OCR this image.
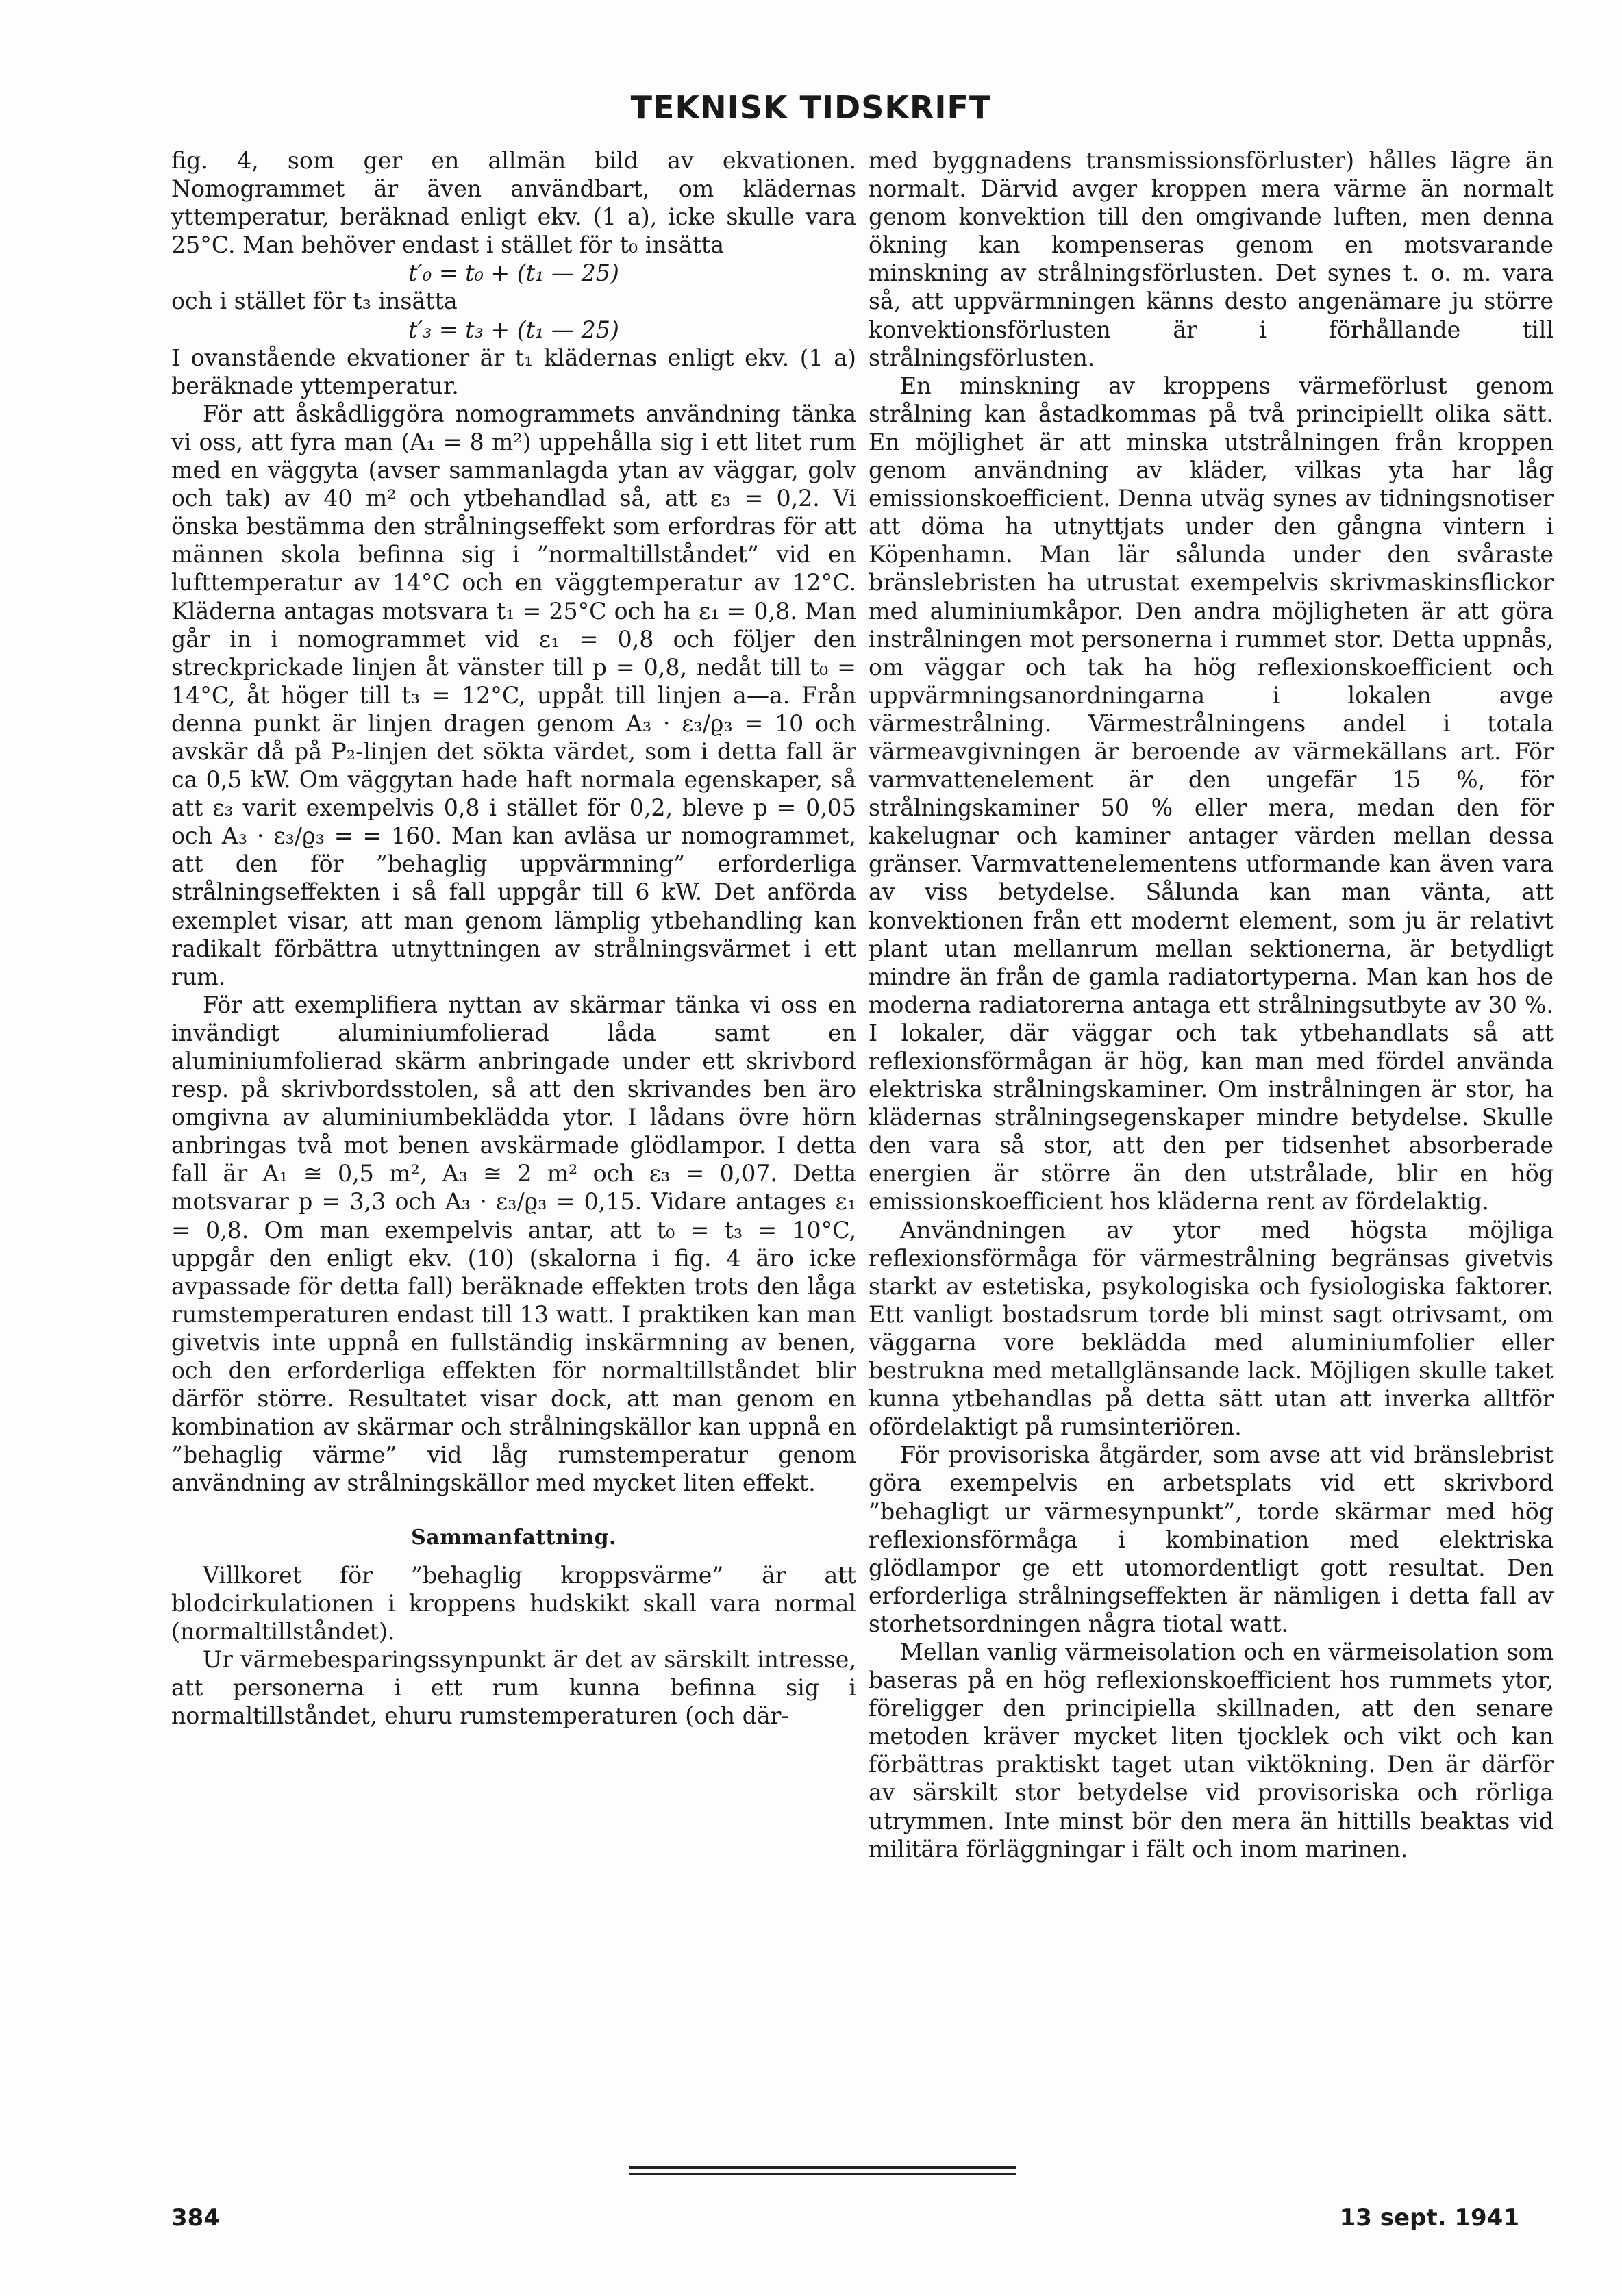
TEKNISK TIDSKRIFT

fig. 4, som ger en allmän bild av ekvationen. Nomogrammet är även användbart, om klädernas yttemperatur, beräknad enligt ekv. (1 a), icke skulle vara 25°C. Man behöver endast i stället för t₀ insätta

t′₀ = t₀ + (t₁ — 25)

och i stället för t₃ insätta

t′₃ = t₃ + (t₁ — 25)

I ovanstående ekvationer är t₁ klädernas enligt ekv. (1 a) beräknade yttemperatur.

För att åskådliggöra nomogrammets användning tänka vi oss, att fyra man (A₁ = 8 m²) uppehålla sig i ett litet rum med en väggyta (avser sammanlagda ytan av väggar, golv och tak) av 40 m² och ytbehandlad så, att ε₃ = 0,2. Vi önska bestämma den strålningseffekt som erfordras för att männen skola befinna sig i ”normaltillståndet” vid en lufttemperatur av 14°C och en väggtemperatur av 12°C. Kläderna antagas motsvara t₁ = 25°C och ha ε₁ = 0,8. Man går in i nomogrammet vid ε₁ = 0,8 och följer den streckprickade linjen åt vänster till p = 0,8, nedåt till t₀ = 14°C, åt höger till t₃ = 12°C, uppåt till linjen a—a. Från denna punkt är linjen dragen genom A₃ · ε₃/ϱ₃ = 10 och avskär då på P₂-linjen det sökta värdet, som i detta fall är ca 0,5 kW. Om väggytan hade haft normala egenskaper, så att ε₃ varit exempelvis 0,8 i stället för 0,2, bleve p = 0,05 och A₃ · ε₃/ϱ₃ = = 160. Man kan avläsa ur nomogrammet, att den för ”behaglig uppvärmning” erforderliga strålningseffekten i så fall uppgår till 6 kW. Det anförda exemplet visar, att man genom lämplig ytbehandling kan radikalt förbättra utnyttningen av strålningsvärmet i ett rum.

För att exemplifiera nyttan av skärmar tänka vi oss en invändigt aluminiumfolierad låda samt en aluminiumfolierad skärm anbringade under ett skrivbord resp. på skrivbordsstolen, så att den skrivandes ben äro omgivna av aluminiumbeklädda ytor. I lådans övre hörn anbringas två mot benen avskärmade glödlampor. I detta fall är A₁ ≅ 0,5 m², A₃ ≅ 2 m² och ε₃ = 0,07. Detta motsvarar p = 3,3 och A₃ · ε₃/ϱ₃ = 0,15. Vidare antages ε₁ = 0,8. Om man exempelvis antar, att t₀ = t₃ = 10°C, uppgår den enligt ekv. (10) (skalorna i fig. 4 äro icke avpassade för detta fall) beräknade effekten trots den låga rumstemperaturen endast till 13 watt. I praktiken kan man givetvis inte uppnå en fullständig inskärmning av benen, och den erforderliga effekten för normaltillståndet blir därför större. Resultatet visar dock, att man genom en kombination av skärmar och strålningskällor kan uppnå en ”behaglig värme” vid låg rumstemperatur genom användning av strålningskällor med mycket liten effekt.

Sammanfattning.

Villkoret för ”behaglig kroppsvärme” är att blodcirkulationen i kroppens hudskikt skall vara normal (normaltillståndet).

Ur värmebesparingssynpunkt är det av särskilt intresse, att personerna i ett rum kunna befinna sig i normaltillståndet, ehuru rumstemperaturen (och där-

med byggnadens transmissionsförluster) hålles lägre än normalt. Därvid avger kroppen mera värme än normalt genom konvektion till den omgivande luften, men denna ökning kan kompenseras genom en motsvarande minskning av strålningsförlusten. Det synes t. o. m. vara så, att uppvärmningen känns desto angenämare ju större konvektionsförlusten är i förhållande till strålningsförlusten.

En minskning av kroppens värmeförlust genom strålning kan åstadkommas på två principiellt olika sätt. En möjlighet är att minska utstrålningen från kroppen genom användning av kläder, vilkas yta har låg emissionskoefficient. Denna utväg synes av tidningsnotiser att döma ha utnyttjats under den gångna vintern i Köpenhamn. Man lär sålunda under den svåraste bränslebristen ha utrustat exempelvis skrivmaskinsflickor med aluminiumkåpor. Den andra möjligheten är att göra instrålningen mot personerna i rummet stor. Detta uppnås, om väggar och tak ha hög reflexionskoefficient och uppvärmningsanordningarna i lokalen avge värmestrålning. Värmestrålningens andel i totala värmeavgivningen är beroende av värmekällans art. För varmvattenelement är den ungefär 15 %, för strålningskaminer 50 % eller mera, medan den för kakelugnar och kaminer antager värden mellan dessa gränser. Varmvattenelementens utformande kan även vara av viss betydelse. Sålunda kan man vänta, att konvektionen från ett modernt element, som ju är relativt plant utan mellanrum mellan sektionerna, är betydligt mindre än från de gamla radiatortyperna. Man kan hos de moderna radiatorerna antaga ett strålningsutbyte av 30 %. I lokaler, där väggar och tak ytbehandlats så att reflexionsförmågan är hög, kan man med fördel använda elektriska strålningskaminer. Om instrålningen är stor, ha klädernas strålningsegenskaper mindre betydelse. Skulle den vara så stor, att den per tidsenhet absorberade energien är större än den utstrålade, blir en hög emissionskoefficient hos kläderna rent av fördelaktig.

Användningen av ytor med högsta möjliga reflexionsförmåga för värmestrålning begränsas givetvis starkt av estetiska, psykologiska och fysiologiska faktorer. Ett vanligt bostadsrum torde bli minst sagt otrivsamt, om väggarna vore beklädda med aluminiumfolier eller bestrukna med metallglänsande lack. Möjligen skulle taket kunna ytbehandlas på detta sätt utan att inverka alltför ofördelaktigt på rumsinteriören.

För provisoriska åtgärder, som avse att vid bränslebrist göra exempelvis en arbetsplats vid ett skrivbord ”behagligt ur värmesynpunkt”, torde skärmar med hög reflexionsförmåga i kombination med elektriska glödlampor ge ett utomordentligt gott resultat. Den erforderliga strålningseffekten är nämligen i detta fall av storhetsordningen några tiotal watt.

Mellan vanlig värmeisolation och en värmeisolation som baseras på en hög reflexionskoefficient hos rummets ytor, föreligger den principiella skillnaden, att den senare metoden kräver mycket liten tjocklek och vikt och kan förbättras praktiskt taget utan viktökning. Den är därför av särskilt stor betydelse vid provisoriska och rörliga utrymmen. Inte minst bör den mera än hittills beaktas vid militära förläggningar i fält och inom marinen.

384	13 sept. 1941
